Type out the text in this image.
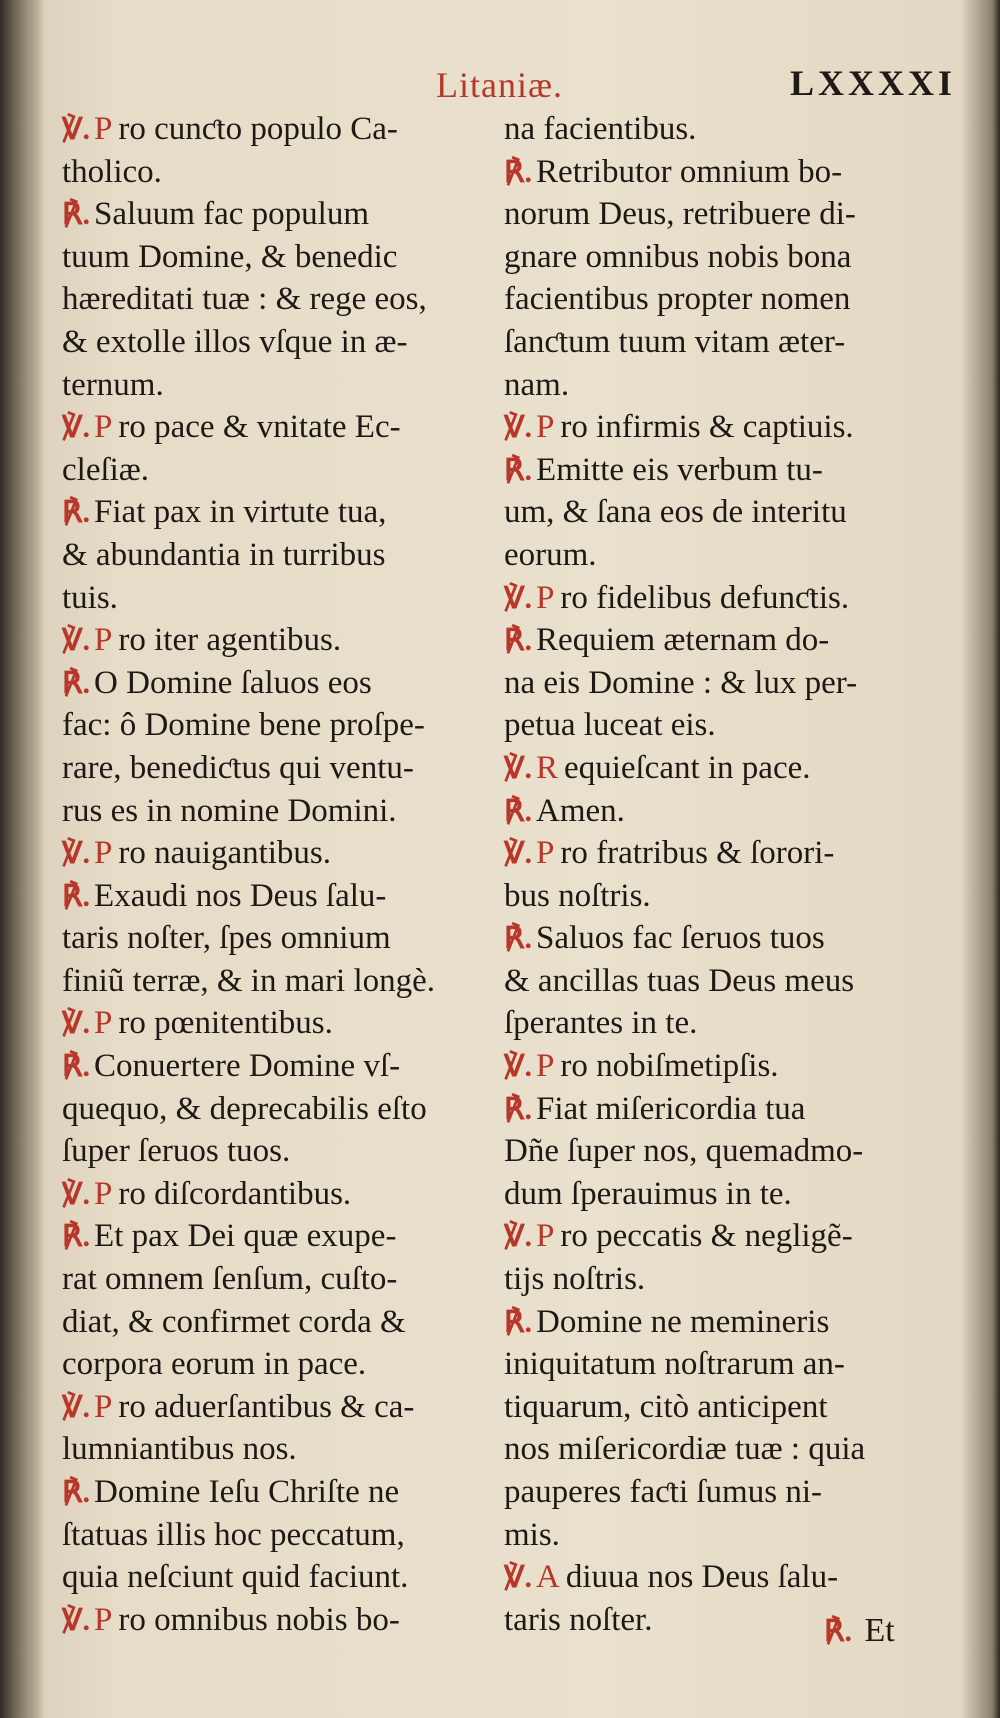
Litaniæ.	LXXXXI
℣. P ro cunƈto populo Ca-
tholico.
℟. Saluum fac populum
tuum Domine, & benedic
hæreditati tuæ : & rege eos,
& extolle illos vſque in æ-
ternum.
℣. P ro pace & vnitate Ec-
cleſiæ.
℟. Fiat pax in virtute tua,
& abundantia in turribus
tuis.
℣. P ro iter agentibus.
℟. O Domine ſaluos eos
fac: ô Domine bene proſpe-
rare, benediƈtus qui ventu-
rus es in nomine Domini.
℣. P ro nauigantibus.
℟. Exaudi nos Deus ſalu-
taris noſter, ſpes omnium
finiũ terræ, & in mari longè.
℣. P ro pœnitentibus.
℟. Conuertere Domine vſ-
quequo, & deprecabilis eſto
ſuper ſeruos tuos.
℣. P ro diſcordantibus.
℟. Et pax Dei quæ exupe-
rat omnem ſenſum, cuſto-
diat, & confirmet corda &
corpora eorum in pace.
℣. P ro aduerſantibus & ca-
lumniantibus nos.
℟. Domine Ieſu Chriſte ne
ſtatuas illis hoc peccatum,
quia neſciunt quid faciunt.
℣. P ro omnibus nobis bo-
na facientibus.
℟. Retributor omnium bo-
norum Deus, retribuere di-
gnare omnibus nobis bona
facientibus propter nomen
ſanƈtum tuum vitam æter-
nam.
℣. P ro infirmis & captiuis.
℟. Emitte eis verbum tu-
um, & ſana eos de interitu
eorum.
℣. P ro fidelibus defunƈtis.
℟. Requiem æternam do-
na eis Domine : & lux per-
petua luceat eis.
℣. R equieſcant in pace.
℟. Amen.
℣. P ro fratribus & ſorori-
bus noſtris.
℟. Saluos fac ſeruos tuos
& ancillas tuas Deus meus
ſperantes in te.
℣. P ro nobiſmetipſis.
℟. Fiat miſericordia tua
Dñe ſuper nos, quemadmo-
dum ſperauimus in te.
℣. P ro peccatis & negligẽ-
tijs noſtris.
℟. Domine ne memineris
iniquitatum noſtrarum an-
tiquarum, citò anticipent
nos miſericordiæ tuæ : quia
pauperes faƈti ſumus ni-
mis.
℣. A diuua nos Deus ſalu-
taris noſter.	℟. Et
